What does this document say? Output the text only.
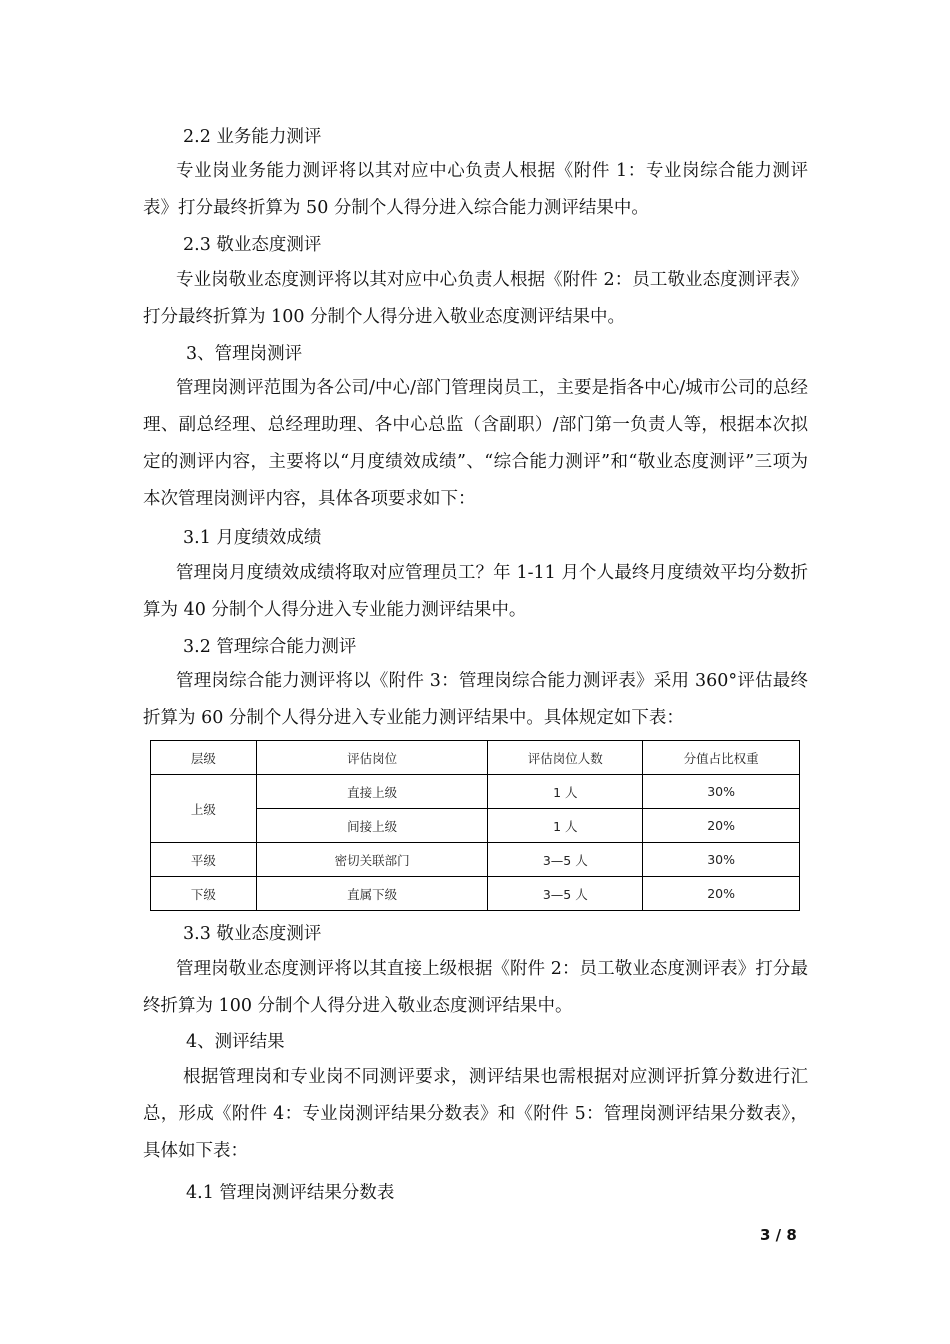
2.2 业务能力测评
专业岗业务能力测评将以其对应中心负责人根据《附件 1：专业岗综合能力测评表》打分最终折算为 50 分制个人得分进入综合能力测评结果中。
2.3 敬业态度测评
专业岗敬业态度测评将以其对应中心负责人根据《附件 2：员工敬业态度测评表》打分最终折算为 100 分制个人得分进入敬业态度测评结果中。
3、管理岗测评
管理岗测评范围为各公司/中心/部门管理岗员工，主要是指各中心/城市公司的总经理、副总经理、总经理助理、各中心总监（含副职）/部门第一负责人等，根据本次拟定的测评内容，主要将以“月度绩效成绩”、“综合能力测评”和“敬业态度测评”三项为本次管理岗测评内容，具体各项要求如下：
3.1 月度绩效成绩
管理岗月度绩效成绩将取对应管理员工？年 1-11 月个人最终月度绩效平均分数折算为 40 分制个人得分进入专业能力测评结果中。
3.2 管理综合能力测评
管理岗综合能力测评将以《附件 3：管理岗综合能力测评表》采用 360°评估最终折算为 60 分制个人得分进入专业能力测评结果中。具体规定如下表：
层级	评估岗位	评估岗位人数	分值占比权重
上级	直接上级	1 人	30%
	间接上级	1 人	20%
平级	密切关联部门	3—5 人	30%
下级	直属下级	3—5 人	20%
3.3 敬业态度测评
管理岗敬业态度测评将以其直接上级根据《附件 2：员工敬业态度测评表》打分最终折算为 100 分制个人得分进入敬业态度测评结果中。
4、测评结果
根据管理岗和专业岗不同测评要求，测评结果也需根据对应测评折算分数进行汇总，形成《附件 4：专业岗测评结果分数表》和《附件 5：管理岗测评结果分数表》，具体如下表：
4.1 管理岗测评结果分数表
3 / 8
